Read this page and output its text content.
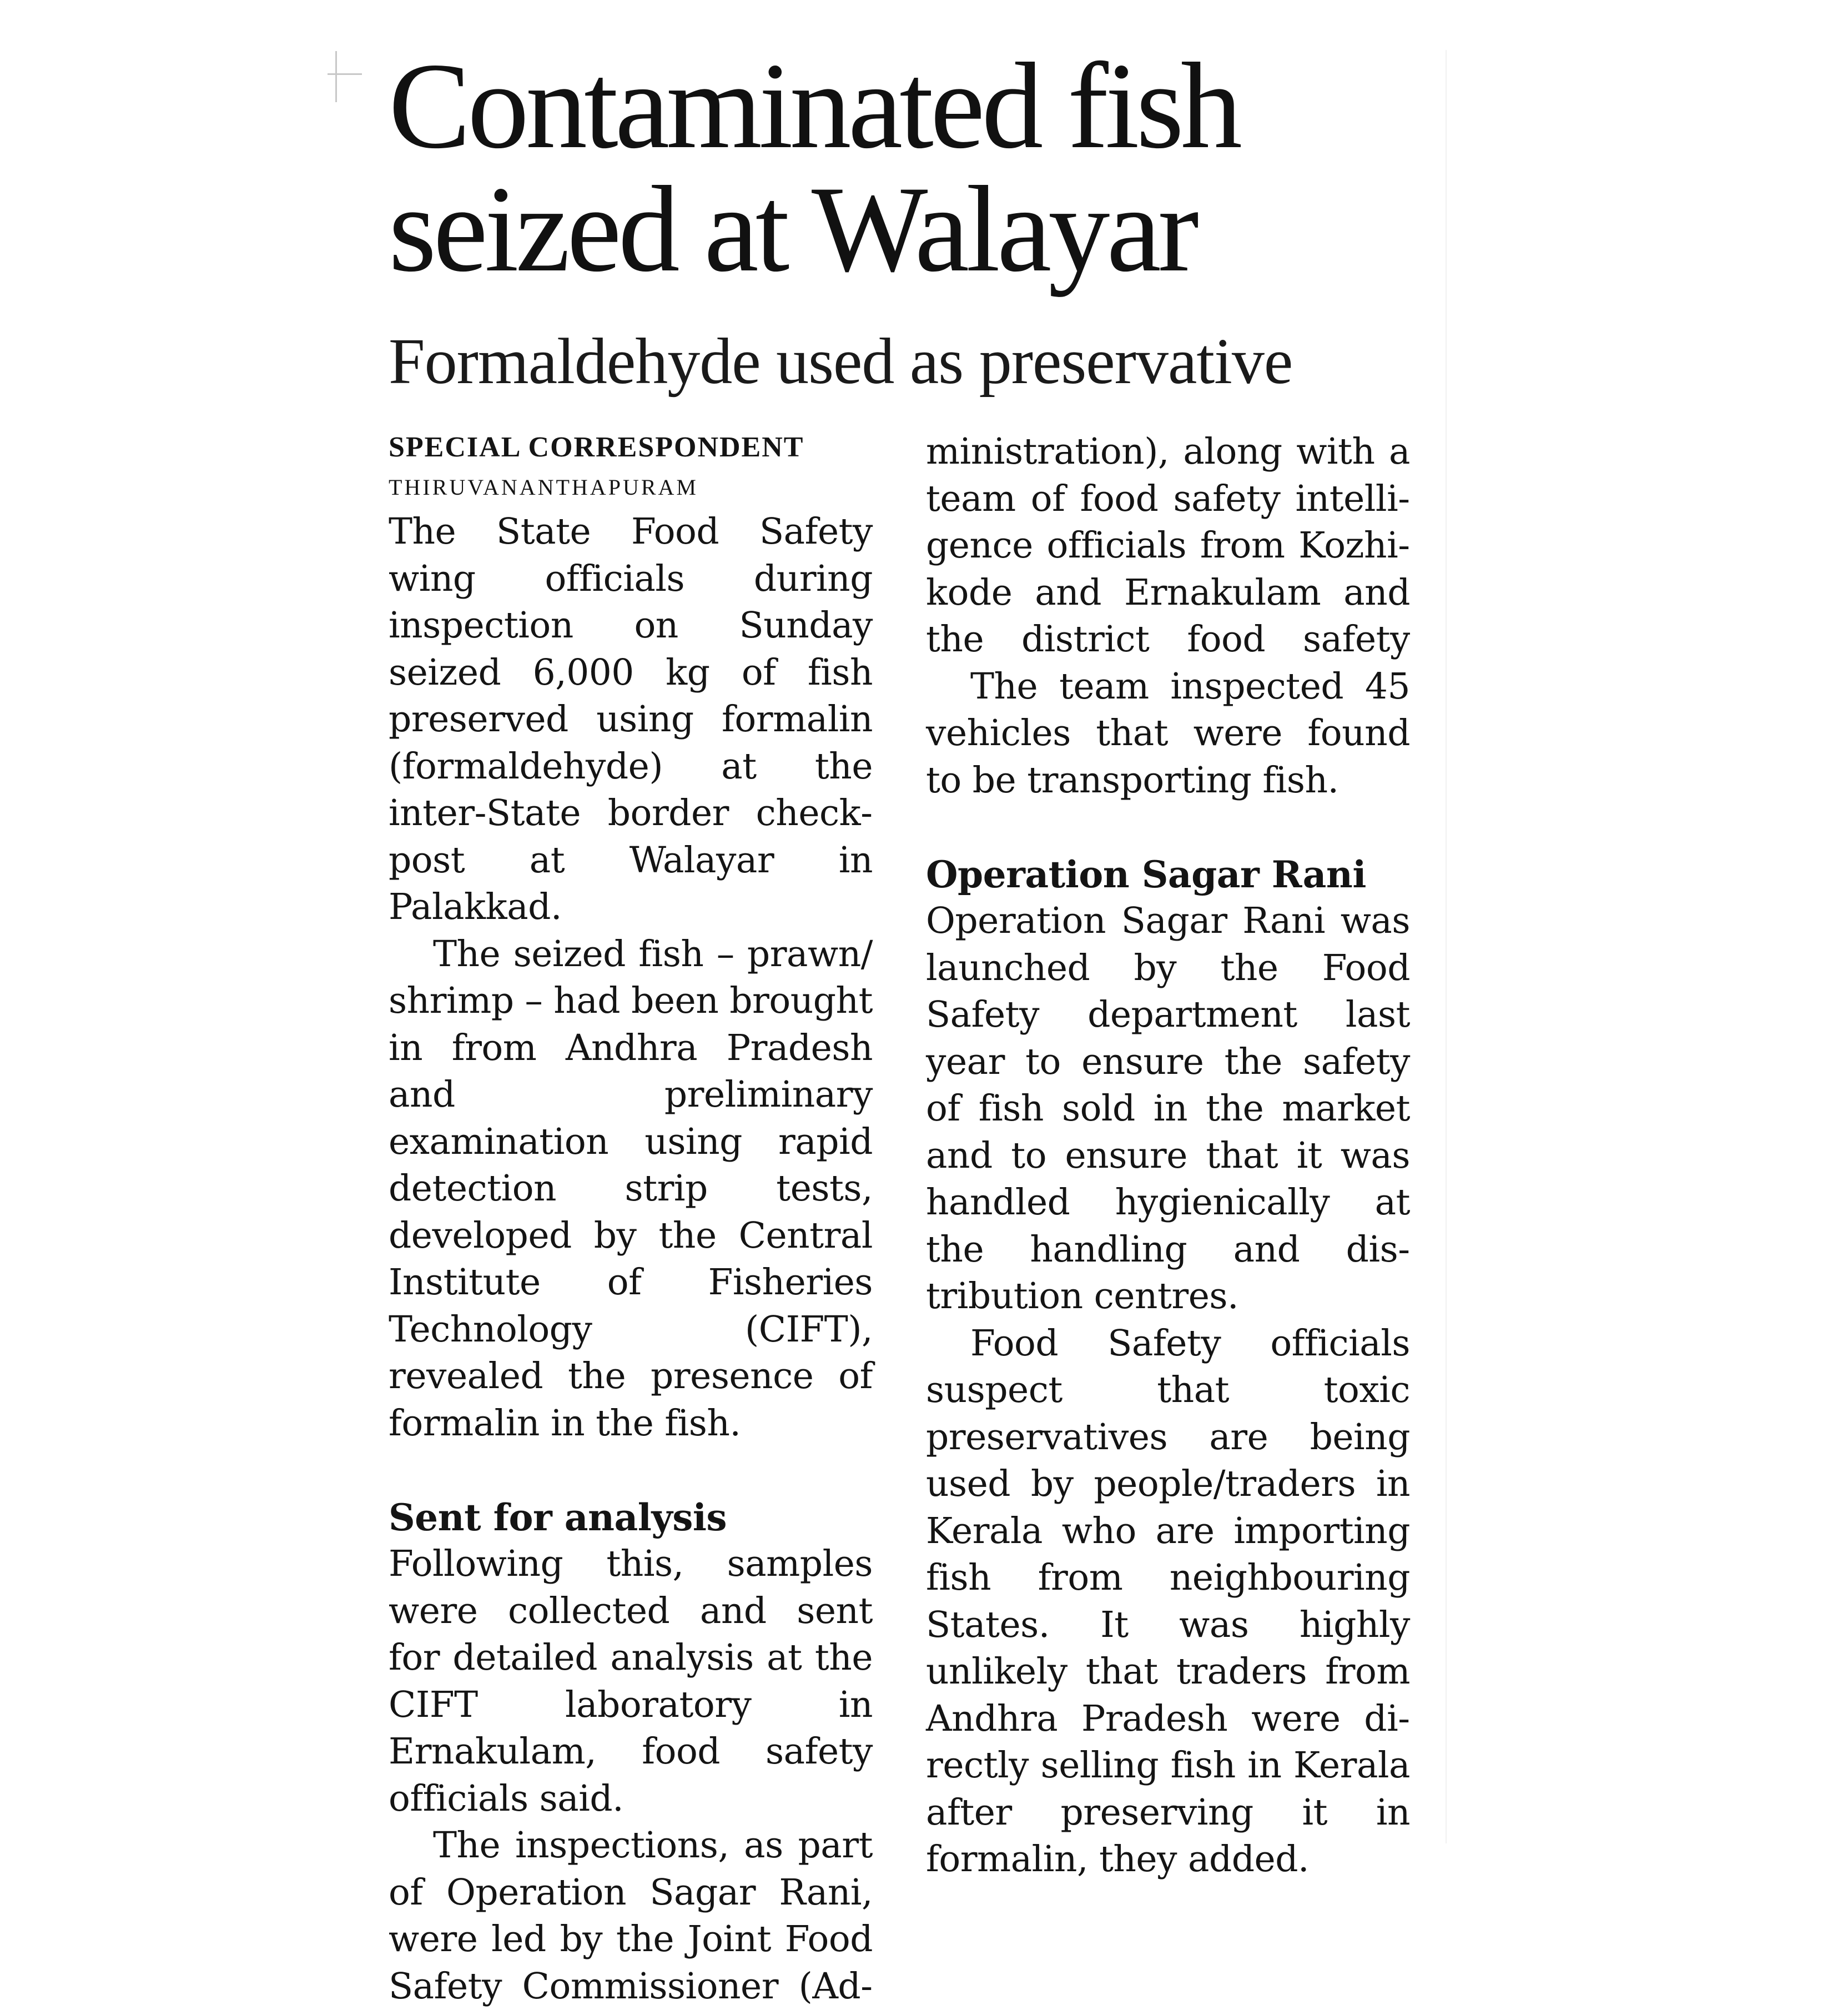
Contaminated fish
seized at Walayar
Formaldehyde used as preservative
SPECIAL CORRESPONDENT
THIRUVANANTHAPURAM

The State Food Safety wing officials during inspection on Sunday seized 6,000 kg of fish preserved using formalin (formaldehyde) at the inter-State border checkpost at Walayar in Palakkad.

The seized fish – prawn/​shrimp – had been brought in from Andhra Pradesh and preliminary examination using rapid detection strip tests, developed by the Central Institute of Fisheries Technology (CIFT), revealed the presence of formalin in the fish.

Sent for analysis

Following this, samples were collected and sent for detailed analysis at the CIFT laboratory in Ernakulam, food safety officials said.

The inspections, as part of Operation Sagar Rani, were led by the Joint Food Safety Commissioner (Ad

inistration), along with a team of food safety intelligence officials from Kozhikode and Ernakulam and the district food safety

The team inspected 45 vehicles that were found to be transporting fish.

Operation Sagar Rani

Operation Sagar Rani was launched by the Food Safety department last year to ensure the safety of fish sold in the market and to ensure that it was handled hygienically at the handling and distribution centres.

Food Safety officials suspect that toxic preservatives are being used by people/​traders in Kerala who are importing fish from neighbouring States. It was highly unlikely that traders from Andhra Pradesh were directly selling fish in Kerala after preserving it in formalin, they added.
